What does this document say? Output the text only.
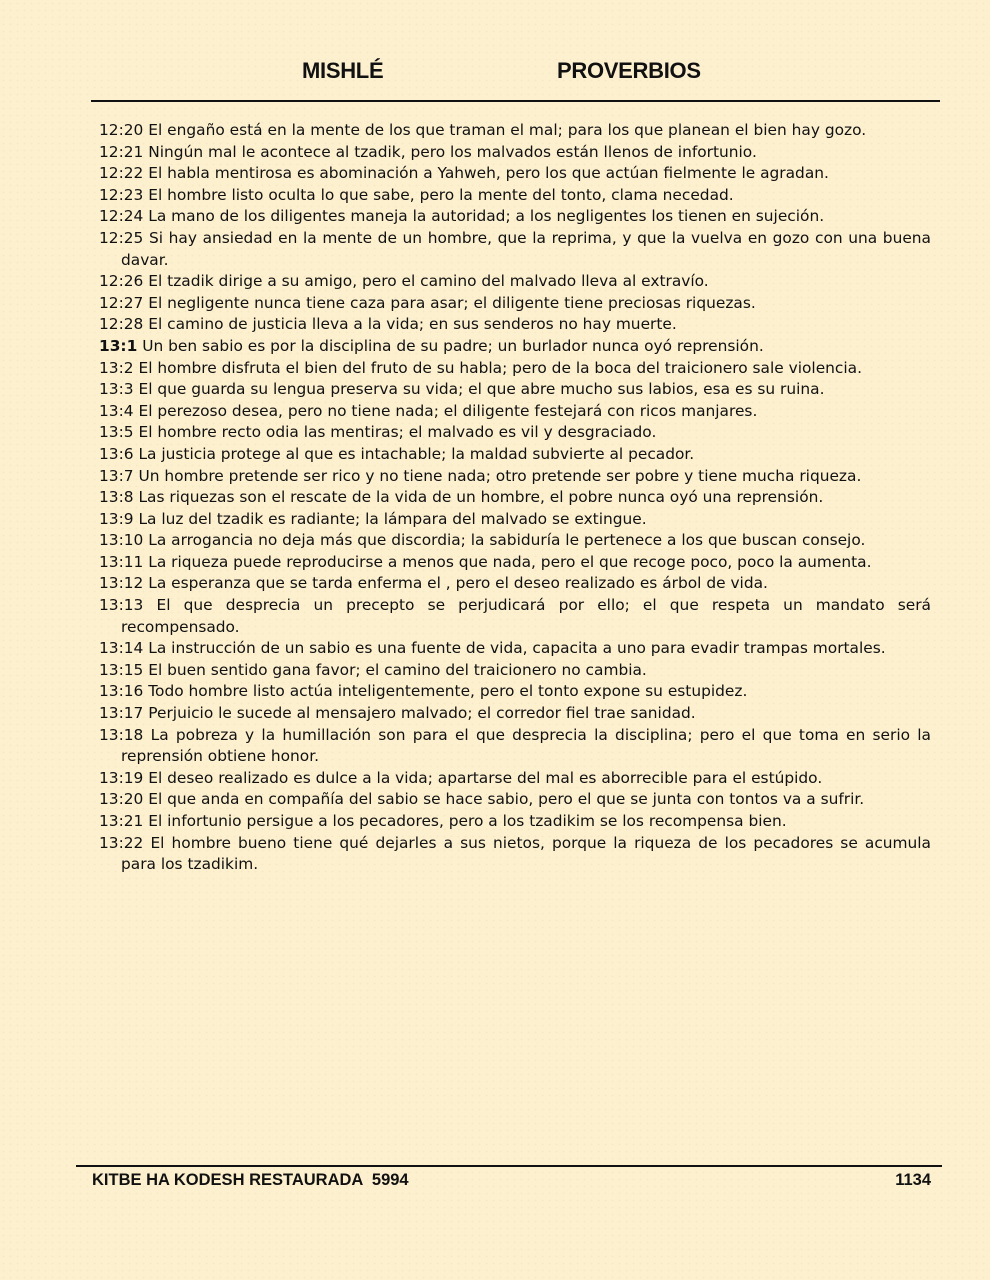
MISHLÉ	PROVERBIOS

12:20 El engaño está en la mente de los que traman el mal; para los que planean el bien hay gozo.

12:21 Ningún mal le acontece al tzadik, pero los malvados están llenos de infortunio.

12:22 El habla mentirosa es abominación a Yahweh, pero los que actúan fielmente le agradan.

12:23 El hombre listo oculta lo que sabe, pero la mente del tonto, clama necedad.

12:24 La mano de los diligentes maneja la autoridad; a los negligentes los tienen en sujeción.

12:25 Si hay ansiedad en la mente de un hombre, que la reprima, y que la vuelva en gozo con una buena davar.

12:26 El tzadik dirige a su amigo, pero el camino del malvado lleva al extravío.

12:27 El negligente nunca tiene caza para asar; el diligente tiene preciosas riquezas.

12:28 El camino de justicia lleva a la vida; en sus senderos no hay muerte.

13:1 Un ben sabio es por la disciplina de su padre; un burlador nunca oyó reprensión.

13:2 El hombre disfruta el bien del fruto de su habla; pero de la boca del traicionero sale violencia.

13:3 El que guarda su lengua preserva su vida; el que abre mucho sus labios, esa es su ruina.

13:4 El perezoso desea, pero no tiene nada; el diligente festejará con ricos manjares.

13:5 El hombre recto odia las mentiras; el malvado es vil y desgraciado.

13:6 La justicia protege al que es intachable; la maldad subvierte al pecador.

13:7 Un hombre pretende ser rico y no tiene nada; otro pretende ser pobre y tiene mucha riqueza.

13:8 Las riquezas son el rescate de la vida de un hombre, el pobre nunca oyó una reprensión.

13:9 La luz del tzadik es radiante; la lámpara del malvado se extingue.

13:10 La arrogancia no deja más que discordia; la sabiduría le pertenece a los que buscan consejo.

13:11 La riqueza puede reproducirse a menos que nada, pero el que recoge poco, poco la aumenta.

13:12 La esperanza que se tarda enferma el , pero el deseo realizado es árbol de vida.

13:13 El que desprecia un precepto se perjudicará por ello; el que respeta un mandato será recompensado.

13:14 La instrucción de un sabio es una fuente de vida, capacita a uno para evadir trampas mortales.

13:15 El buen sentido gana favor; el camino del traicionero no cambia.

13:16 Todo hombre listo actúa inteligentemente, pero el tonto expone su estupidez.

13:17 Perjuicio le sucede al mensajero malvado; el corredor fiel trae sanidad.

13:18 La pobreza y la humillación son para el que desprecia la disciplina; pero el que toma en serio la reprensión obtiene honor.

13:19 El deseo realizado es dulce a la vida; apartarse del mal es aborrecible para el estúpido.

13:20 El que anda en compañía del sabio se hace sabio, pero el que se junta con tontos va a sufrir.

13:21 El infortunio persigue a los pecadores, pero a los tzadikim se los recompensa bien.

13:22 El hombre bueno tiene qué dejarles a sus nietos, porque la riqueza de los pecadores se acumula para los tzadikim.

KITBE HA KODESH RESTAURADA  5994	1134
